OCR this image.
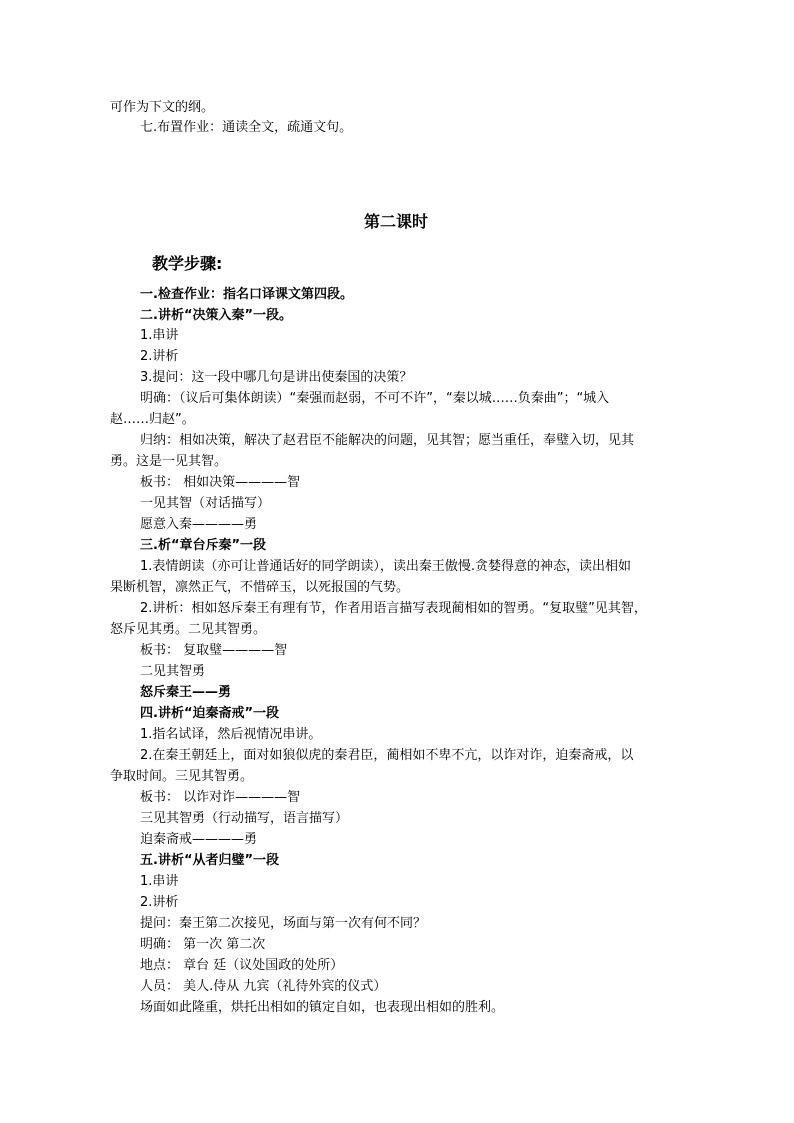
可作为下文的纲。
七.布置作业：通读全文，疏通文句。
第二课时
教学步骤:
一.检查作业：指名口译课文第四段。
二.讲析“决策入秦”一段。
1.串讲
2.讲析
3.提问：这一段中哪几句是讲出使秦国的决策？
明确：（议后可集体朗读）“秦强而赵弱，不可不许”，“秦以城……负秦曲”；“城入
赵……归赵”。
归纳：相如决策，解决了赵君臣不能解决的问题，见其智；愿当重任，奉璧入切，见其
勇。这是一见其智。
板书： 相如决策————智
一见其智（对话描写）
愿意入秦————勇
三.析“章台斥秦”一段
1.表情朗读（亦可让普通话好的同学朗读），读出秦王傲慢.贪婪得意的神态，读出相如
果断机智，凛然正气，不惜碎玉，以死报国的气势。
2.讲析：相如怒斥秦王有理有节，作者用语言描写表现蔺相如的智勇。“复取璧”见其智，
怒斥见其勇。二见其智勇。
板书： 复取璧————智
二见其智勇
怒斥秦王——勇
四.讲析“迫秦斋戒”一段
1.指名试译，然后视情况串讲。
2.在秦王朝廷上，面对如狼似虎的秦君臣，蔺相如不卑不亢，以诈对诈，迫秦斋戒，以
争取时间。三见其智勇。
板书： 以诈对诈————智
三见其智勇（行动描写，语言描写）
迫秦斋戒————勇
五.讲析“从者归璧”一段
1.串讲
2.讲析
提问：秦王第二次接见，场面与第一次有何不同？
明确： 第一次 第二次
地点： 章台 廷（议处国政的处所）
人员： 美人.侍从 九宾（礼待外宾的仪式）
场面如此隆重，烘托出相如的镇定自如，也表现出相如的胜利。
